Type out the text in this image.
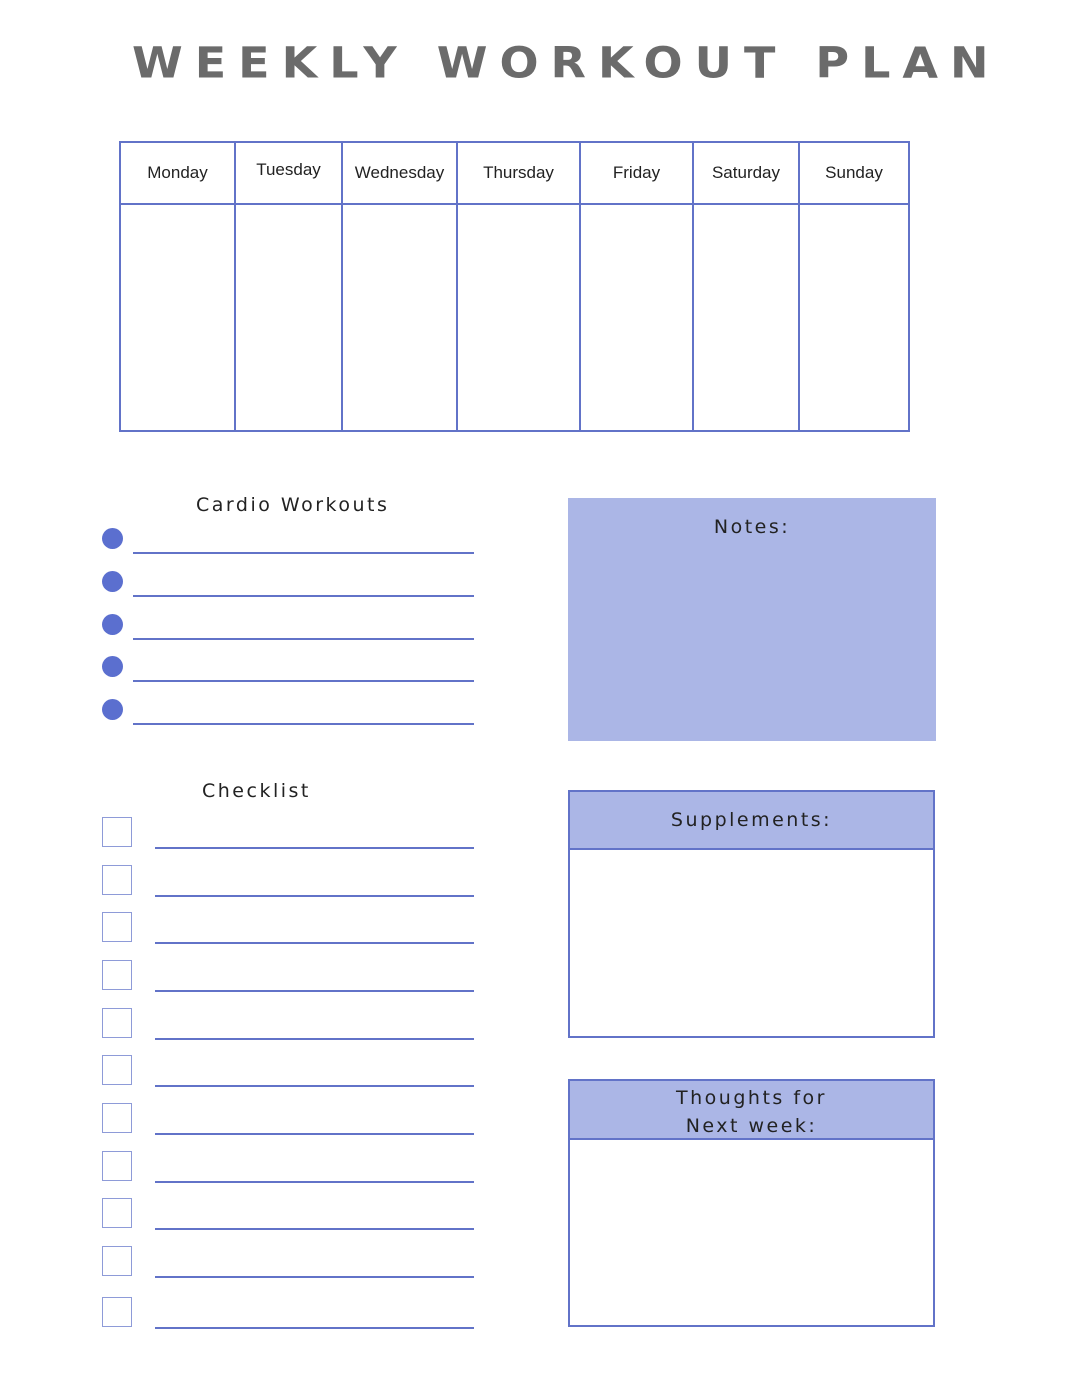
WEEKLY WORKOUT PLAN
Monday	Tuesday	Wednesday	Thursday	Friday	Saturday	Sunday
Cardio Workouts
Checklist
Notes:
Supplements:
Thoughts for
Next week:
